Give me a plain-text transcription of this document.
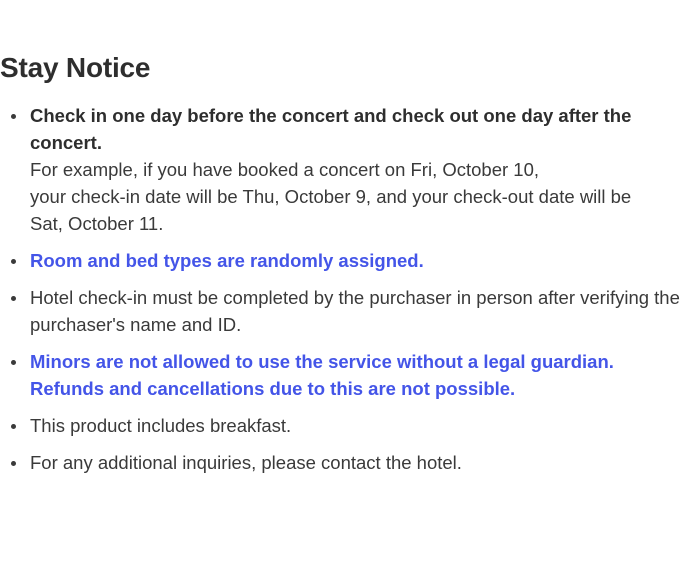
Stay Notice
Check in one day before the concert and check out one day after the concert.
For example, if you have booked a concert on Fri, October 10,
your check-in date will be Thu, October 9, and your check-out date will be
Sat, October 11.
Room and bed types are randomly assigned.
Hotel check-in must be completed by the purchaser in person after verifying the purchaser's name and ID.
Minors are not allowed to use the service without a legal guardian.
Refunds and cancellations due to this are not possible.
This product includes breakfast.
For any additional inquiries, please contact the hotel.
